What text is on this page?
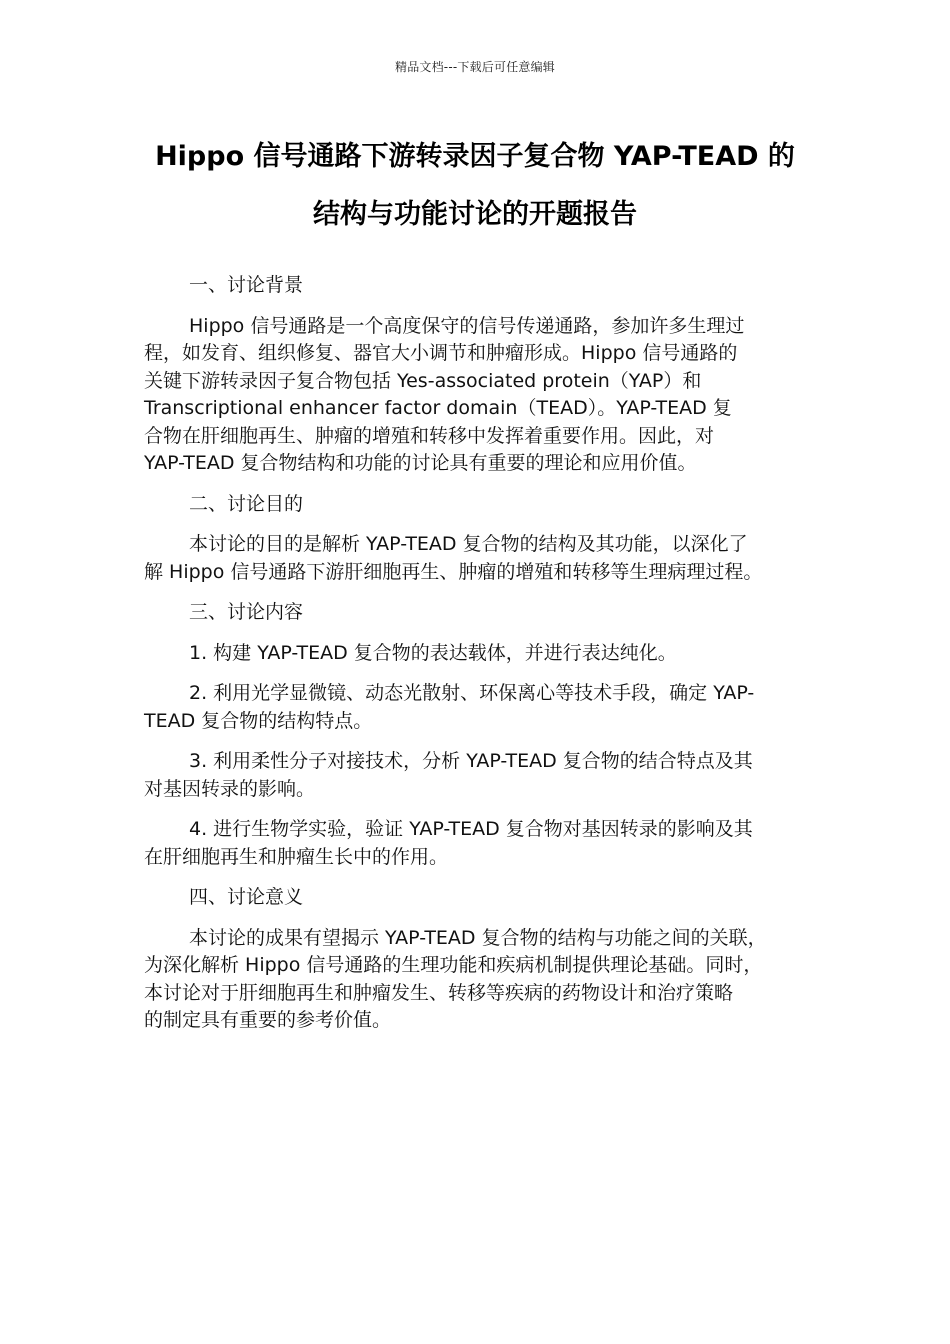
精品文档---下载后可任意编辑
Hippo 信号通路下游转录因子复合物 YAP-TEAD 的
结构与功能讨论的开题报告
一、讨论背景

Hippo 信号通路是一个高度保守的信号传递通路，参加许多生理过
程，如发育、组织修复、器官大小调节和肿瘤形成。Hippo 信号通路的
关键下游转录因子复合物包括 Yes-associated protein（YAP）和
Transcriptional enhancer factor domain（TEAD）。YAP-TEAD 复
合物在肝细胞再生、肿瘤的增殖和转移中发挥着重要作用。因此，对
YAP-TEAD 复合物结构和功能的讨论具有重要的理论和应用价值。

二、讨论目的

本讨论的目的是解析 YAP-TEAD 复合物的结构及其功能，以深化了
解 Hippo 信号通路下游肝细胞再生、肿瘤的增殖和转移等生理病理过程。

三、讨论内容

1. 构建 YAP-TEAD 复合物的表达载体，并进行表达纯化。

2. 利用光学显微镜、动态光散射、环保离心等技术手段，确定 YAP-
TEAD 复合物的结构特点。

3. 利用柔性分子对接技术，分析 YAP-TEAD 复合物的结合特点及其
对基因转录的影响。

4. 进行生物学实验，验证 YAP-TEAD 复合物对基因转录的影响及其
在肝细胞再生和肿瘤生长中的作用。

四、讨论意义

本讨论的成果有望揭示 YAP-TEAD 复合物的结构与功能之间的关联，
为深化解析 Hippo 信号通路的生理功能和疾病机制提供理论基础。同时，
本讨论对于肝细胞再生和肿瘤发生、转移等疾病的药物设计和治疗策略
的制定具有重要的参考价值。
